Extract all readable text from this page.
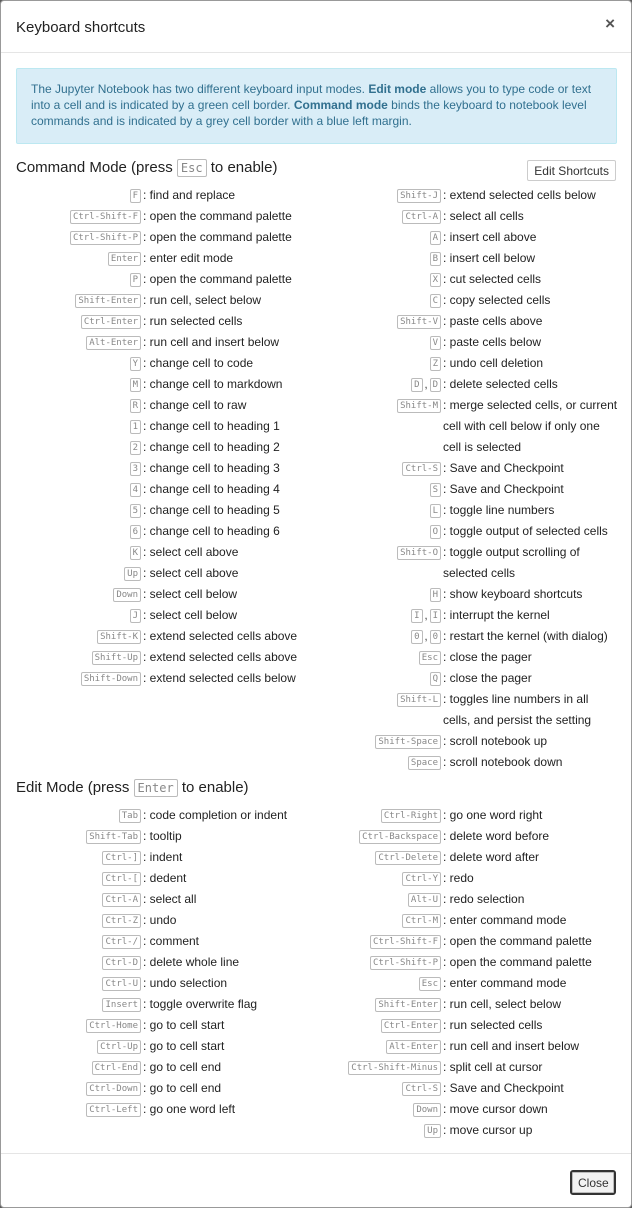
Keyboard shortcuts	×
The Jupyter Notebook has two different keyboard input modes. Edit mode allows you to type code or text into a cell and is indicated by a green cell border. Command mode binds the keyboard to notebook level commands and is indicated by a grey cell border with a blue left margin.
Command Mode (press Esc to enable)	Edit Shortcuts
F : find and replace
Ctrl-Shift-F : open the command palette
Ctrl-Shift-P : open the command palette
Enter : enter edit mode
P : open the command palette
Shift-Enter : run cell, select below
Ctrl-Enter : run selected cells
Alt-Enter : run cell and insert below
Y : change cell to code
M : change cell to markdown
R : change cell to raw
1 : change cell to heading 1
2 : change cell to heading 2
3 : change cell to heading 3
4 : change cell to heading 4
5 : change cell to heading 5
6 : change cell to heading 6
K : select cell above
Up : select cell above
Down : select cell below
J : select cell below
Shift-K : extend selected cells above
Shift-Up : extend selected cells above
Shift-Down : extend selected cells below
Shift-J : extend selected cells below
Ctrl-A : select all cells
A : insert cell above
B : insert cell below
X : cut selected cells
C : copy selected cells
Shift-V : paste cells above
V : paste cells below
Z : undo cell deletion
D , D : delete selected cells
Shift-M : merge selected cells, or current cell with cell below if only one cell is selected
Ctrl-S : Save and Checkpoint
S : Save and Checkpoint
L : toggle line numbers
O : toggle output of selected cells
Shift-O : toggle output scrolling of selected cells
H : show keyboard shortcuts
I , I : interrupt the kernel
0 , 0 : restart the kernel (with dialog)
Esc : close the pager
Q : close the pager
Shift-L : toggles line numbers in all cells, and persist the setting
Shift-Space : scroll notebook up
Space : scroll notebook down
Edit Mode (press Enter to enable)
Tab : code completion or indent
Shift-Tab : tooltip
Ctrl-] : indent
Ctrl-[ : dedent
Ctrl-A : select all
Ctrl-Z : undo
Ctrl-/ : comment
Ctrl-D : delete whole line
Ctrl-U : undo selection
Insert : toggle overwrite flag
Ctrl-Home : go to cell start
Ctrl-Up : go to cell start
Ctrl-End : go to cell end
Ctrl-Down : go to cell end
Ctrl-Left : go one word left
Ctrl-Right : go one word right
Ctrl-Backspace : delete word before
Ctrl-Delete : delete word after
Ctrl-Y : redo
Alt-U : redo selection
Ctrl-M : enter command mode
Ctrl-Shift-F : open the command palette
Ctrl-Shift-P : open the command palette
Esc : enter command mode
Shift-Enter : run cell, select below
Ctrl-Enter : run selected cells
Alt-Enter : run cell and insert below
Ctrl-Shift-Minus : split cell at cursor
Ctrl-S : Save and Checkpoint
Down : move cursor down
Up : move cursor up
Close
